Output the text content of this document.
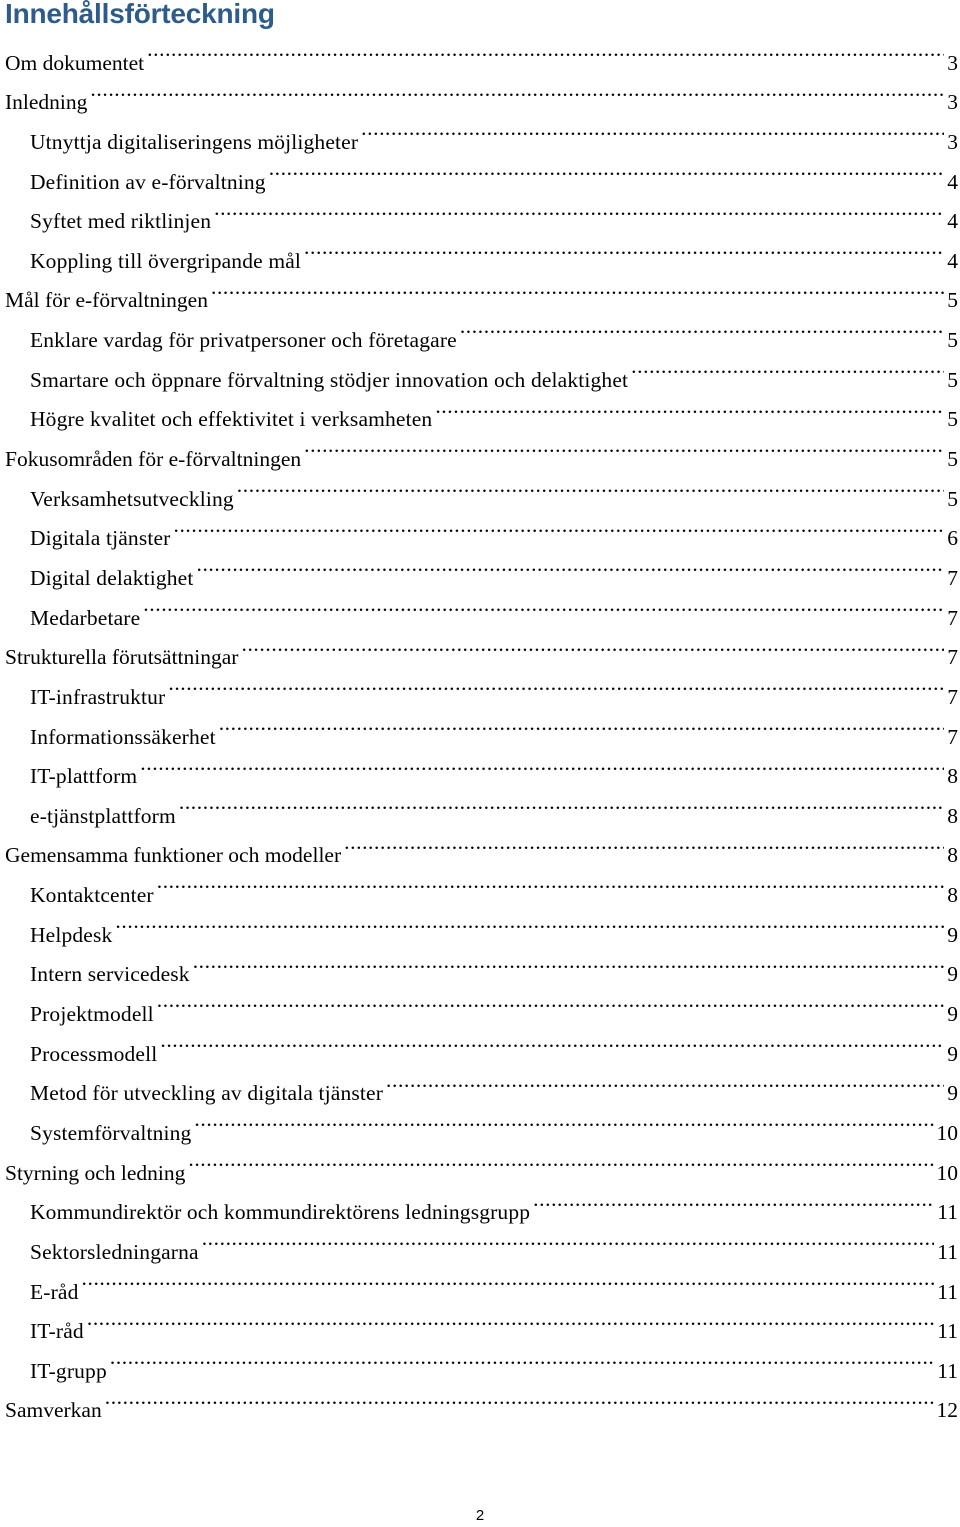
Innehållsförteckning
Om dokumentet .....	3
Inledning .....	3
Utnyttja digitaliseringens möjligheter .....	3
Definition av e-förvaltning .....	4
Syftet med riktlinjen .....	4
Koppling till övergripande mål .....	4
Mål för e-förvaltningen .....	5
Enklare vardag för privatpersoner och företagare .....	5
Smartare och öppnare förvaltning stödjer innovation och delaktighet .....	5
Högre kvalitet och effektivitet i verksamheten .....	5
Fokusområden för e-förvaltningen .....	5
Verksamhetsutveckling .....	5
Digitala tjänster .....	6
Digital delaktighet .....	7
Medarbetare .....	7
Strukturella förutsättningar .....	7
IT-infrastruktur .....	7
Informationssäkerhet .....	7
IT-plattform .....	8
e-tjänstplattform .....	8
Gemensamma funktioner och modeller .....	8
Kontaktcenter .....	8
Helpdesk .....	9
Intern servicedesk .....	9
Projektmodell .....	9
Processmodell .....	9
Metod för utveckling av digitala tjänster .....	9
Systemförvaltning .....	10
Styrning och ledning .....	10
Kommundirektör och kommundirektörens ledningsgrupp .....	11
Sektorsledningarna .....	11
E-råd .....	11
IT-råd .....	11
IT-grupp .....	11
Samverkan .....	12
2
